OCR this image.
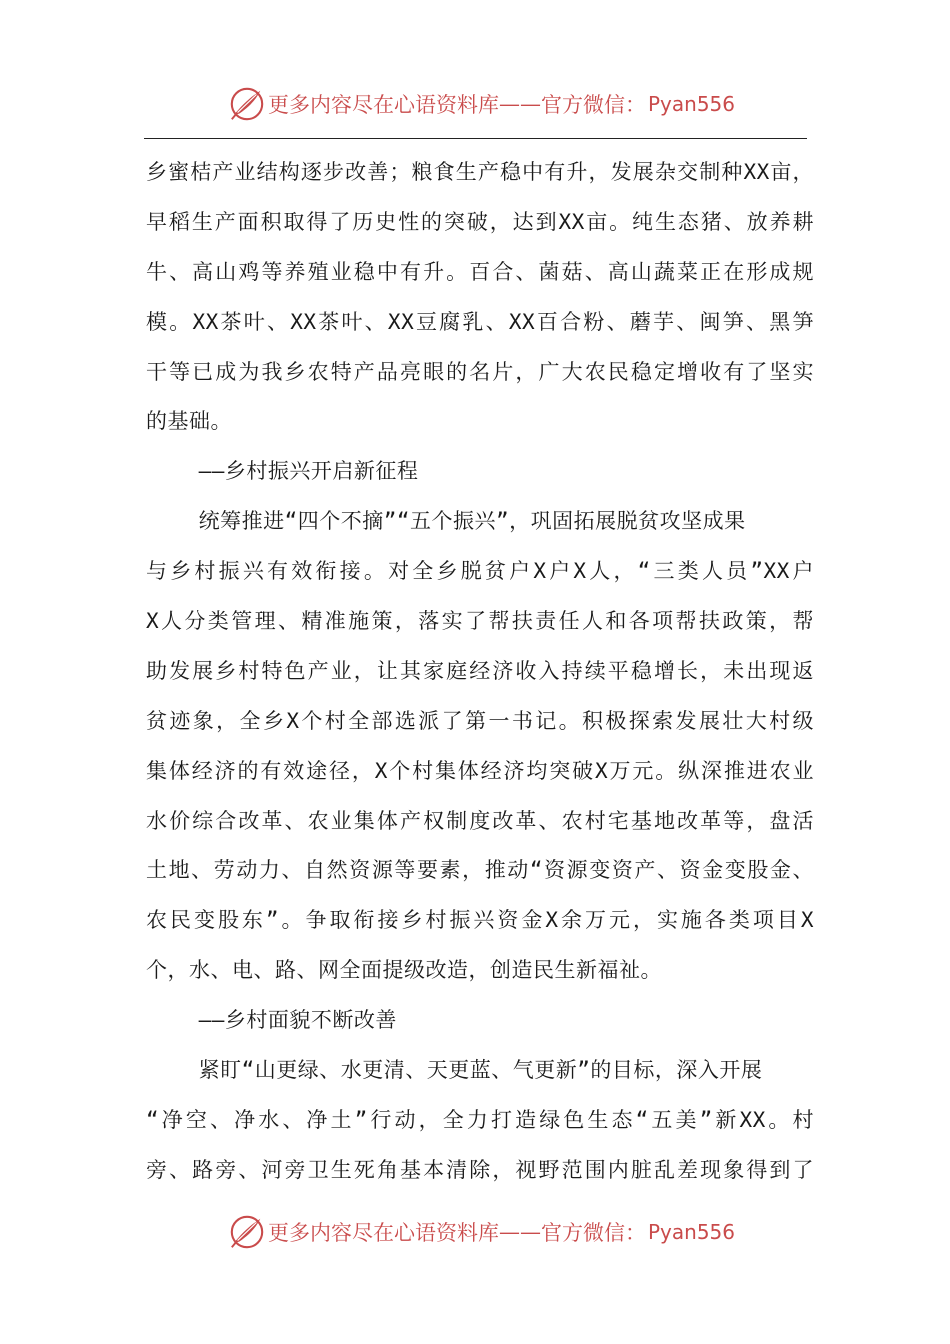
更多内容尽在心语资料库 —— 官方微信： Pyan556
乡蜜桔产业结构逐步改善；粮食生产稳中有升，发展杂交制种XX亩，
早稻生产面积取得了历史性的突破，达到XX亩。纯生态猪、放养耕
牛、高山鸡等养殖业稳中有升。百合、菌菇、高山蔬菜正在形成规
模。XX茶叶、XX茶叶、XX豆腐乳、XX百合粉、蘑芋、闽笋、黑笋
干等已成为我乡农特产品亮眼的名片，广大农民稳定增收有了坚实
的基础。
——乡村振兴开启新征程
统筹推进“四个不摘”“五个振兴”，巩固拓展脱贫攻坚成果
与乡村振兴有效衔接。对全乡脱贫户X户X人，“三类人员”XX户
X人分类管理、精准施策，落实了帮扶责任人和各项帮扶政策，帮
助发展乡村特色产业，让其家庭经济收入持续平稳增长，未出现返
贫迹象，全乡X个村全部选派了第一书记。积极探索发展壮大村级
集体经济的有效途径，X个村集体经济均突破X万元。纵深推进农业
水价综合改革、农业集体产权制度改革、农村宅基地改革等，盘活
土地、劳动力、自然资源等要素，推动“资源变资产、资金变股金、
农民变股东”。争取衔接乡村振兴资金X余万元，实施各类项目X
个，水、电、路、网全面提级改造，创造民生新福祉。
——乡村面貌不断改善
紧盯“山更绿、水更清、天更蓝、气更新”的目标，深入开展
“净空、净水、净土”行动，全力打造绿色生态“五美”新XX。村
旁、路旁、河旁卫生死角基本清除，视野范围内脏乱差现象得到了
更多内容尽在心语资料库 —— 官方微信： Pyan556
